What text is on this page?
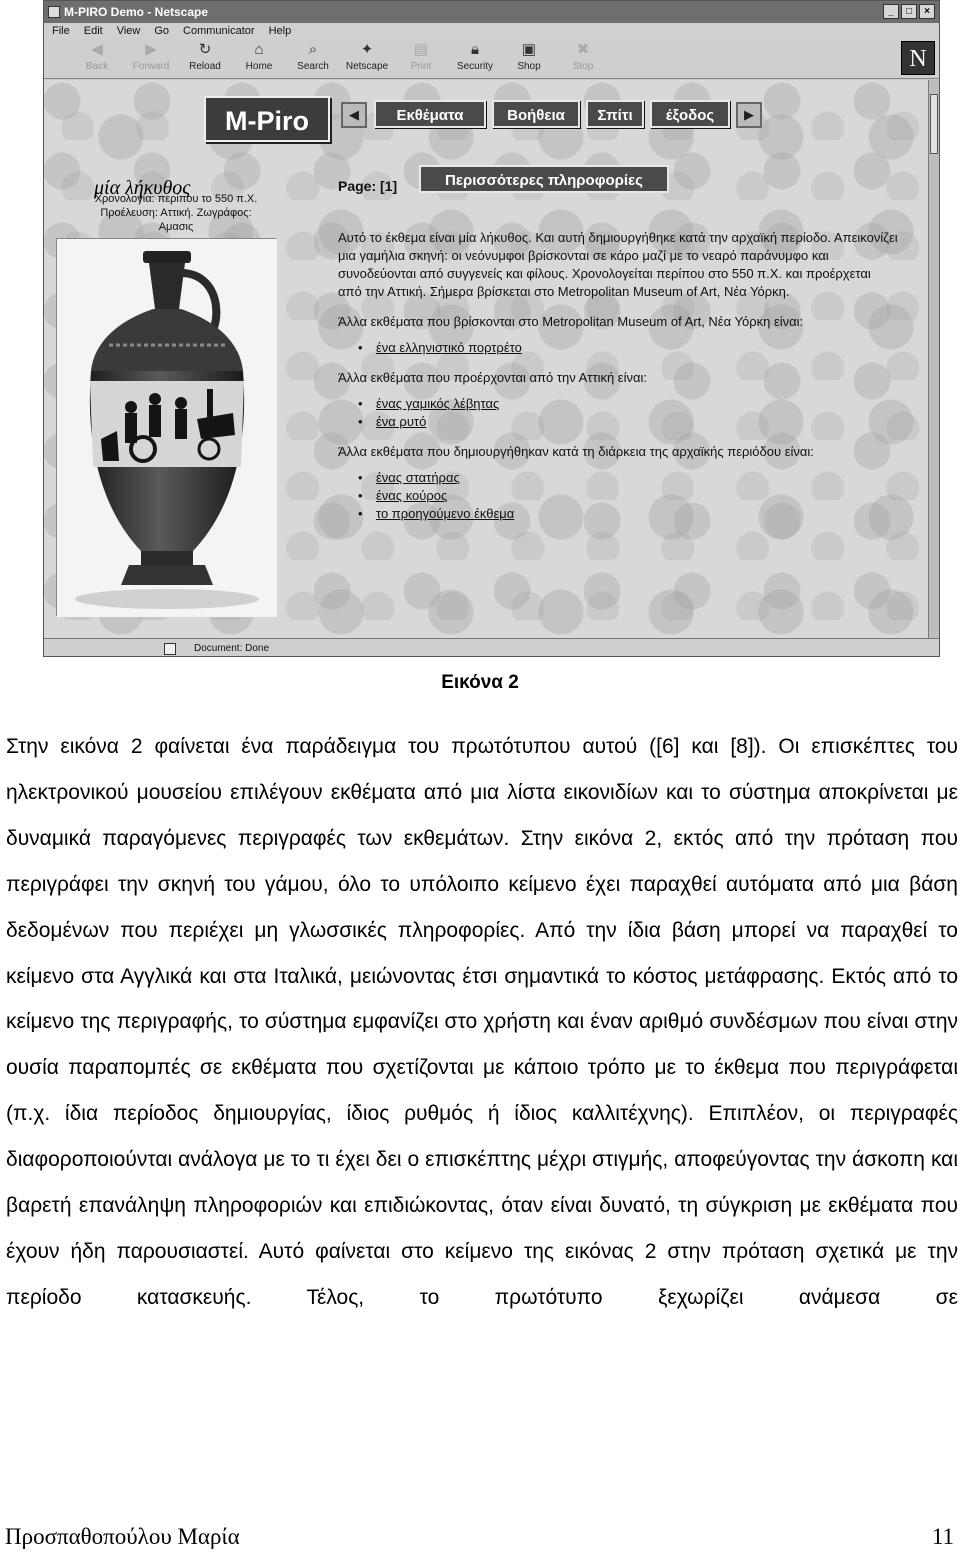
M-PIRO Demo - Netscape	_	□	×
File Edit View Go Communicator Help
◀
Back
▶
Forward
↻
Reload
⌂
Home
⌕
Search
✦
Netscape
▤
Print
🔒︎
Security
▣
Shop
✖
Stop	N
M-Piro	◀	Εκθέματα	Βοήθεια	Σπίτι	έξοδος	▶
μία λήκυθος
Χρονολογία: περίπου το 550 π.Χ.
Προέλευση: Αττική. Ζωγράφος:
Αμασις
Page: [1]	Περισσότερες πληροφορίες

Αυτό το έκθεμα είναι μία λήκυθος. Και αυτή δημιουργήθηκε κατά την αρχαϊκή περίοδο. Απεικονίζει μια γαμήλια σκηνή: οι νεόνυμφοι βρίσκονται σε κάρο μαζί με το νεαρό παράνυμφο και συνοδεύονται από συγγενείς και φίλους. Χρονολογείται περίπου στο 550 π.Χ. και προέρχεται από την Αττική. Σήμερα βρίσκεται στο Metropolitan Museum of Art, Νέα Υόρκη.

Άλλα εκθέματα που βρίσκονται στο Metropolitan Museum of Art, Νέα Υόρκη είναι:

• ένα ελληνιστικό πορτρέτο

Άλλα εκθέματα που προέρχονται από την Αττική είναι:

• ένας γαμικός λέβητας
• ένα ρυτό

Άλλα εκθέματα που δημιουργήθηκαν κατά τη διάρκεια της αρχαϊκής περιόδου είναι:

• ένας στατήρας
• ένας κούρος
• το προηγούμενο έκθεμα
Document: Done
Εικόνα 2
Στην εικόνα 2 φαίνεται ένα παράδειγμα του πρωτότυπου αυτού ([6] και [8]). Οι επισκέπτες του ηλεκτρονικού μουσείου επιλέγουν εκθέματα από μια λίστα εικονιδίων και το σύστημα αποκρίνεται με δυναμικά παραγόμενες περιγραφές των εκθεμάτων. Στην εικόνα 2, εκτός από την πρόταση που περιγράφει την σκηνή του γάμου, όλο το υπόλοιπο κείμενο έχει παραχθεί αυτόματα από μια βάση δεδομένων που περιέχει μη γλωσσικές πληροφορίες. Από την ίδια βάση μπορεί να παραχθεί το κείμενο στα Αγγλικά και στα Ιταλικά, μειώνοντας έτσι σημαντικά το κόστος μετάφρασης. Εκτός από το κείμενο της περιγραφής, το σύστημα εμφανίζει στο χρήστη και έναν αριθμό συνδέσμων που είναι στην ουσία παραπομπές σε εκθέματα που σχετίζονται με κάποιο τρόπο με το έκθεμα που περιγράφεται (π.χ. ίδια περίοδος δημιουργίας, ίδιος ρυθμός ή ίδιος καλλιτέχνης). Επιπλέον, οι περιγραφές διαφοροποιούνται ανάλογα με το τι έχει δει ο επισκέπτης μέχρι στιγμής, αποφεύγοντας την άσκοπη και βαρετή επανάληψη πληροφοριών και επιδιώκοντας, όταν είναι δυνατό, τη σύγκριση με εκθέματα που έχουν ήδη παρουσιαστεί. Αυτό φαίνεται στο κείμενο της εικόνας 2 στην πρόταση σχετικά με την περίοδο κατασκευής. Τέλος, το πρωτότυπο ξεχωρίζει ανάμεσα σε
Προσπαθοπούλου Μαρία	11
